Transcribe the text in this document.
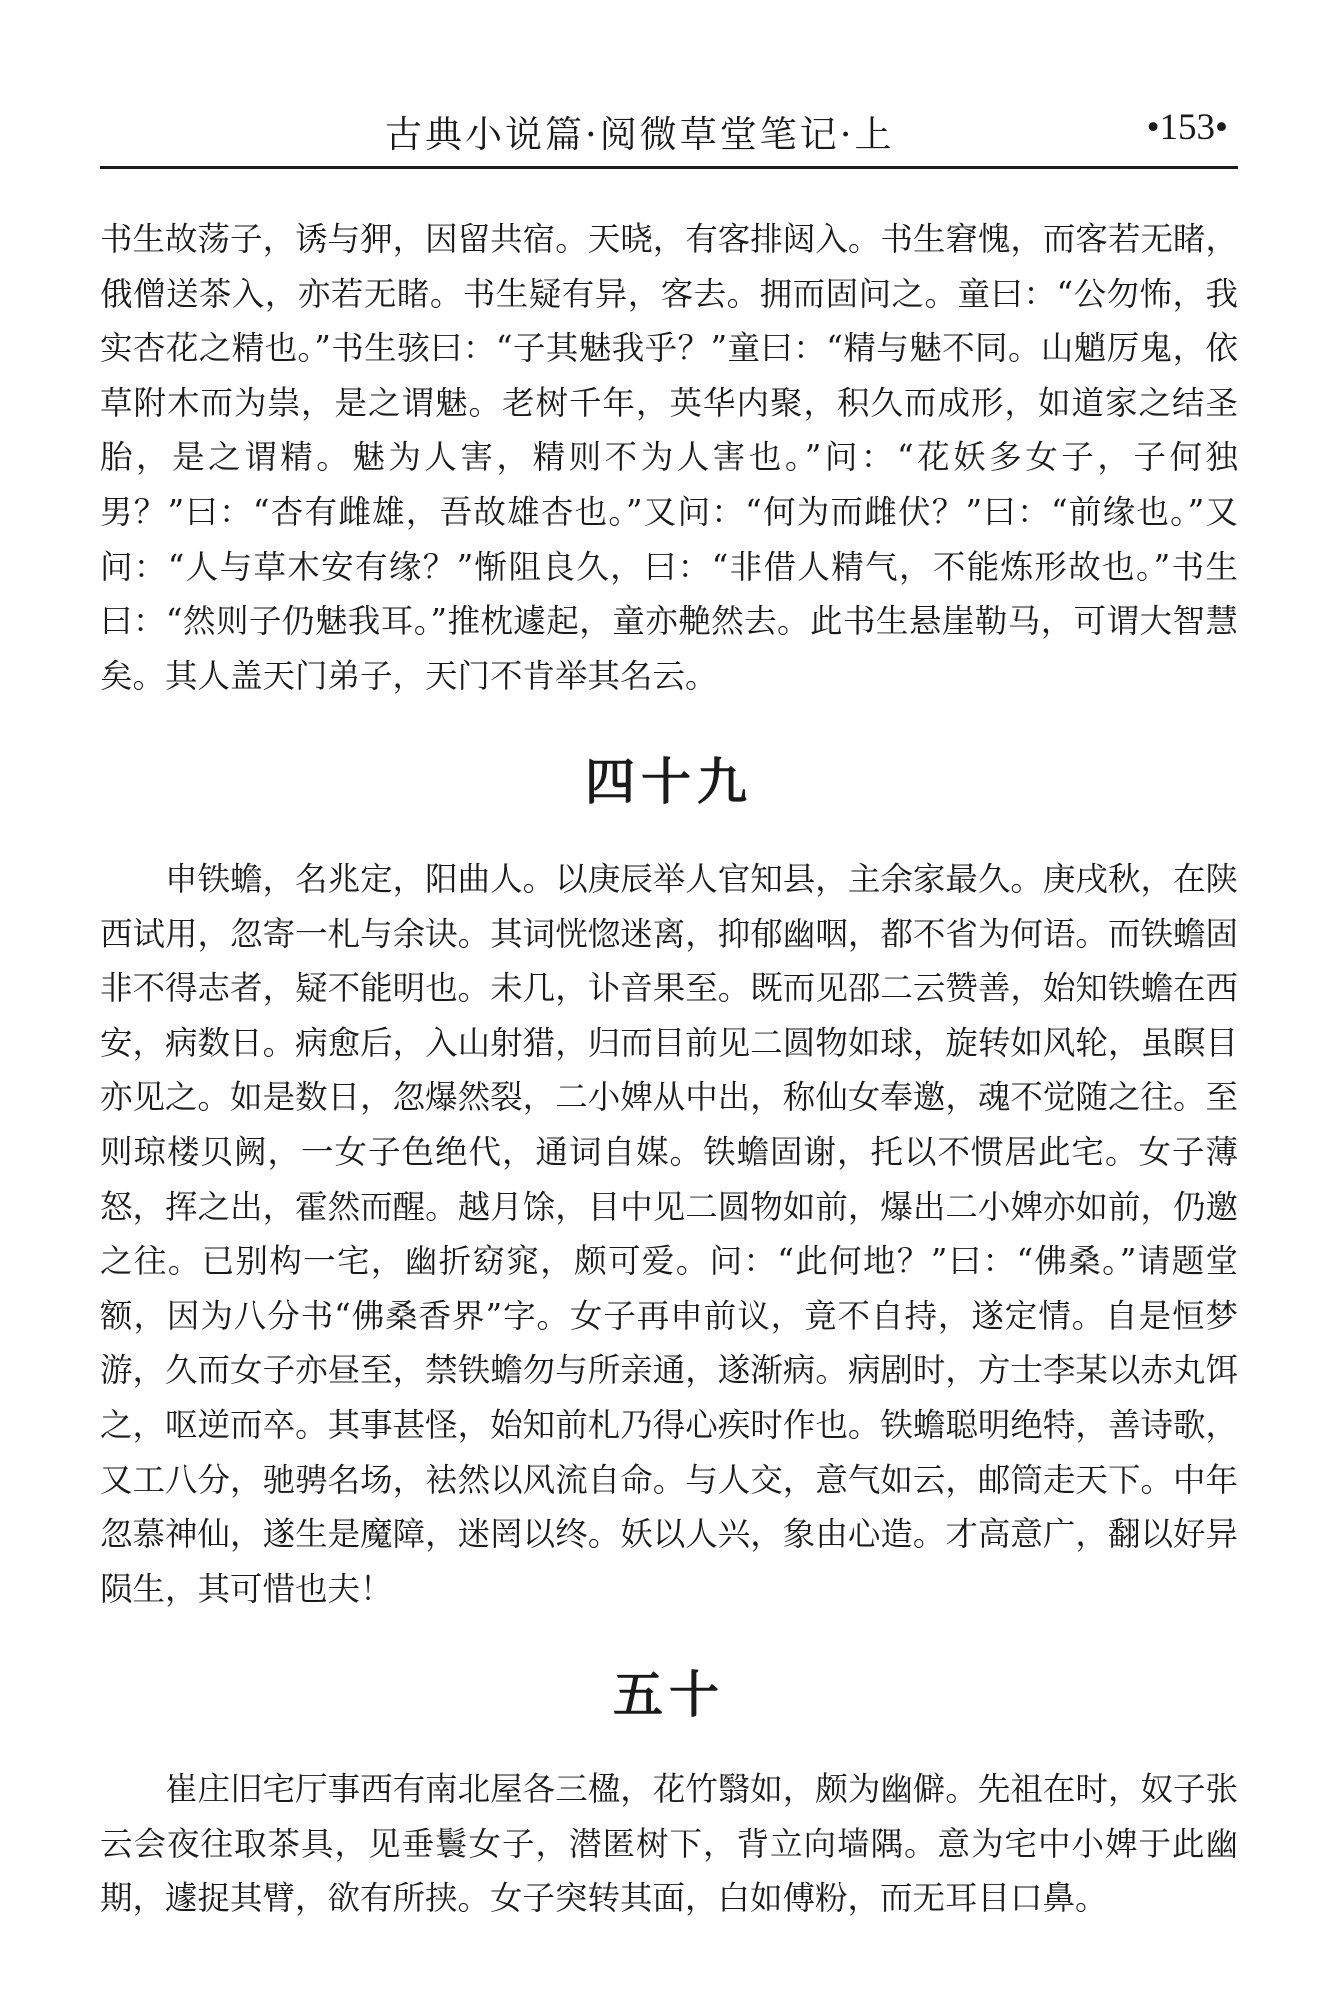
古典小说篇·阅微草堂笔记·上	•153•

书生故荡子，诱与狎，因留共宿。天晓，有客排闼入。书生窘愧，而客若无睹，俄僧送茶入，亦若无睹。书生疑有异，客去。拥而固问之。童曰：“公勿怖，我实杏花之精也。”书生骇曰：“子其魅我乎？”童曰：“精与魅不同。山魈厉鬼，依草附木而为祟，是之谓魅。老树千年，英华内聚，积久而成形，如道家之结圣胎，是之谓精。魅为人害，精则不为人害也。”问：“花妖多女子，子何独男？”曰：“杏有雌雄，吾故雄杏也。”又问：“何为而雌伏？”曰：“前缘也。”又问：“人与草木安有缘？”惭阻良久，曰：“非借人精气，不能炼形故也。”书生曰：“然则子仍魅我耳。”推枕遽起，童亦艴然去。此书生悬崖勒马，可谓大智慧矣。其人盖天门弟子，天门不肯举其名云。

四十九

申铁蟾，名兆定，阳曲人。以庚辰举人官知县，主余家最久。庚戌秋，在陕西试用，忽寄一札与余诀。其词恍惚迷离，抑郁幽咽，都不省为何语。而铁蟾固非不得志者，疑不能明也。未几，讣音果至。既而见邵二云赞善，始知铁蟾在西安，病数日。病愈后，入山射猎，归而目前见二圆物如球，旋转如风轮，虽瞑目亦见之。如是数日，忽爆然裂，二小婢从中出，称仙女奉邀，魂不觉随之往。至则琼楼贝阙，一女子色绝代，通词自媒。铁蟾固谢，托以不惯居此宅。女子薄怒，挥之出，霍然而醒。越月馀，目中见二圆物如前，爆出二小婢亦如前，仍邀之往。已别构一宅，幽折窈窕，颇可爱。问：“此何地？”曰：“佛桑。”请题堂额，因为八分书“佛桑香界”字。女子再申前议，竟不自持，遂定情。自是恒梦游，久而女子亦昼至，禁铁蟾勿与所亲通，遂渐病。病剧时，方士李某以赤丸饵之，呕逆而卒。其事甚怪，始知前札乃得心疾时作也。铁蟾聪明绝特，善诗歌，又工八分，驰骋名场，袪然以风流自命。与人交，意气如云，邮筒走天下。中年忽慕神仙，遂生是魔障，迷罔以终。妖以人兴，象由心造。才高意广，翻以好异陨生，其可惜也夫！

五十

崔庄旧宅厅事西有南北屋各三楹，花竹翳如，颇为幽僻。先祖在时，奴子张云会夜往取茶具，见垂鬟女子，潜匿树下，背立向墙隅。意为宅中小婢于此幽期，遽捉其臂，欲有所挟。女子突转其面，白如傅粉，而无耳目口鼻。
